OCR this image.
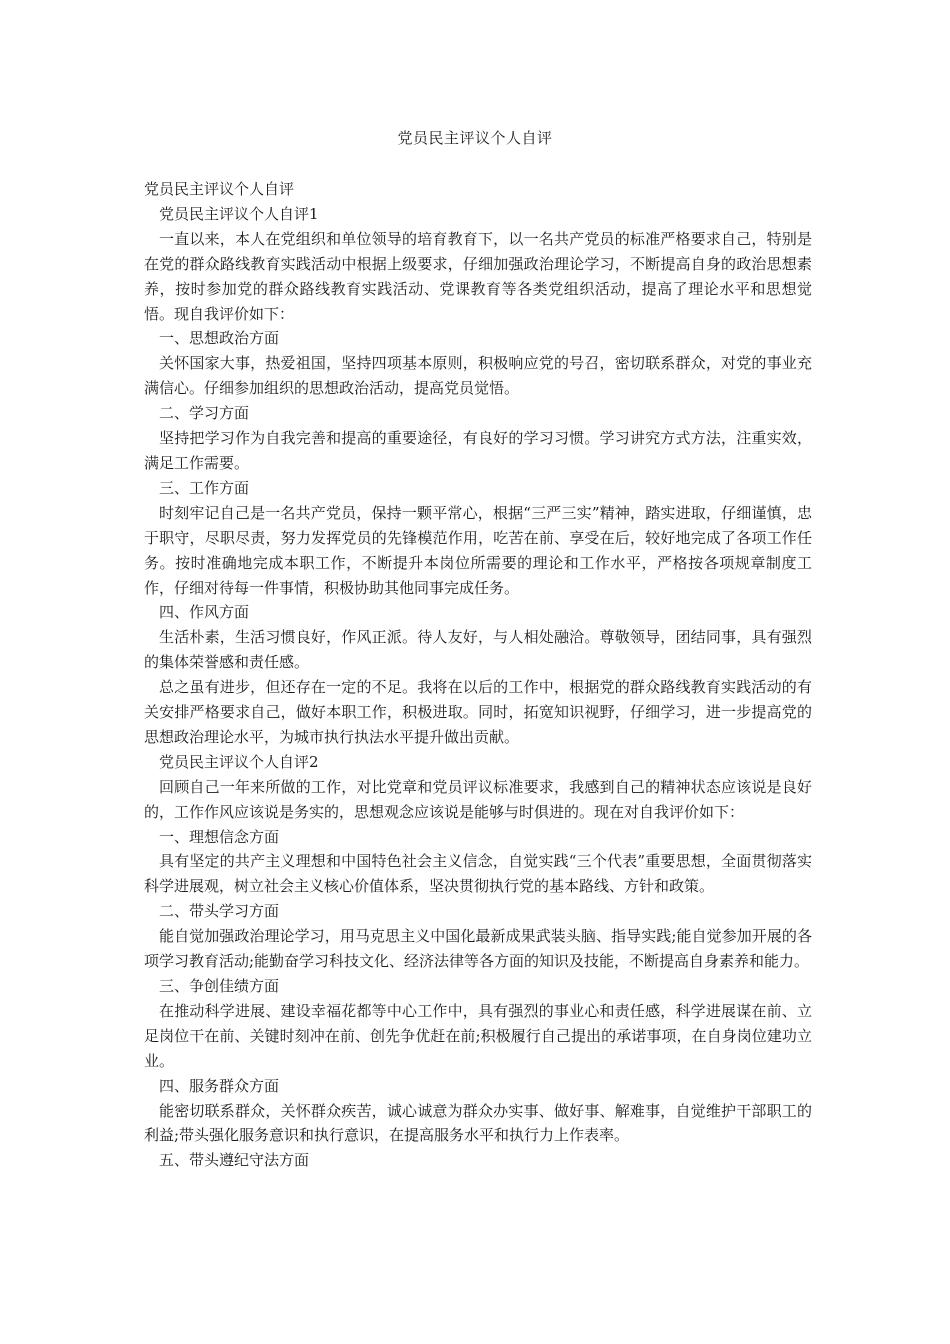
党员民主评议个人自评

党员民主评议个人自评

党员民主评议个人自评1

一直以来，本人在党组织和单位领导的培育教育下，以一名共产党员的标准严格要求自己，特别是在党的群众路线教育实践活动中根据上级要求，仔细加强政治理论学习，不断提高自身的政治思想素养，按时参加党的群众路线教育实践活动、党课教育等各类党组织活动，提高了理论水平和思想觉悟。现自我评价如下：

一、思想政治方面

关怀国家大事，热爱祖国，坚持四项基本原则，积极响应党的号召，密切联系群众，对党的事业充满信心。仔细参加组织的思想政治活动，提高党员觉悟。

二、学习方面

坚持把学习作为自我完善和提高的重要途径，有良好的学习习惯。学习讲究方式方法，注重实效，满足工作需要。

三、工作方面

时刻牢记自己是一名共产党员，保持一颗平常心，根据“三严三实”精神，踏实进取，仔细谨慎，忠于职守，尽职尽责，努力发挥党员的先锋模范作用，吃苦在前、享受在后，较好地完成了各项工作任务。按时准确地完成本职工作，不断提升本岗位所需要的理论和工作水平，严格按各项规章制度工作，仔细对待每一件事情，积极协助其他同事完成任务。

四、作风方面

生活朴素，生活习惯良好，作风正派。待人友好，与人相处融洽。尊敬领导，团结同事，具有强烈的集体荣誉感和责任感。

总之虽有进步，但还存在一定的不足。我将在以后的工作中，根据党的群众路线教育实践活动的有关安排严格要求自己，做好本职工作，积极进取。同时，拓宽知识视野，仔细学习，进一步提高党的思想政治理论水平，为城市执行执法水平提升做出贡献。

党员民主评议个人自评2

回顾自己一年来所做的工作，对比党章和党员评议标准要求，我感到自己的精神状态应该说是良好的，工作作风应该说是务实的，思想观念应该说是能够与时俱进的。现在对自我评价如下：

一、理想信念方面

具有坚定的共产主义理想和中国特色社会主义信念，自觉实践“三个代表”重要思想，全面贯彻落实科学进展观，树立社会主义核心价值体系，坚决贯彻执行党的基本路线、方针和政策。

二、带头学习方面

能自觉加强政治理论学习，用马克思主义中国化最新成果武装头脑、指导实践;能自觉参加开展的各项学习教育活动;能勤奋学习科技文化、经济法律等各方面的知识及技能，不断提高自身素养和能力。

三、争创佳绩方面

在推动科学进展、建设幸福花都等中心工作中，具有强烈的事业心和责任感，科学进展谋在前、立足岗位干在前、关键时刻冲在前、创先争优赶在前;积极履行自己提出的承诺事项，在自身岗位建功立业。

四、服务群众方面

能密切联系群众，关怀群众疾苦，诚心诚意为群众办实事、做好事、解难事，自觉维护干部职工的利益;带头强化服务意识和执行意识，在提高服务水平和执行力上作表率。

五、带头遵纪守法方面
